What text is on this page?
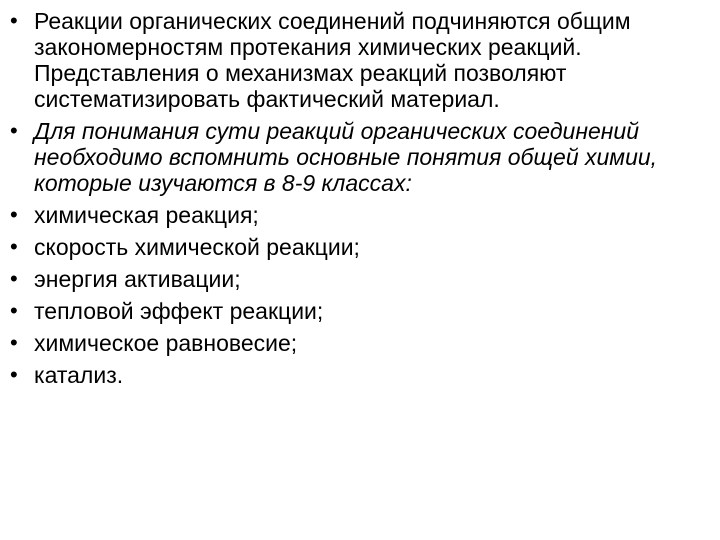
• Реакции органических соединений подчиняются общим закономерностям протекания химических реакций. Представления о механизмах реакций позволяют систематизировать фактический материал.
• Для понимания сути реакций органических соединений необходимо вспомнить основные понятия общей химии, которые изучаются в 8-9 классах:
• химическая реакция;
• скорость химической реакции;
• энергия активации;
• тепловой эффект реакции;
• химическое равновесие;
• катализ.
